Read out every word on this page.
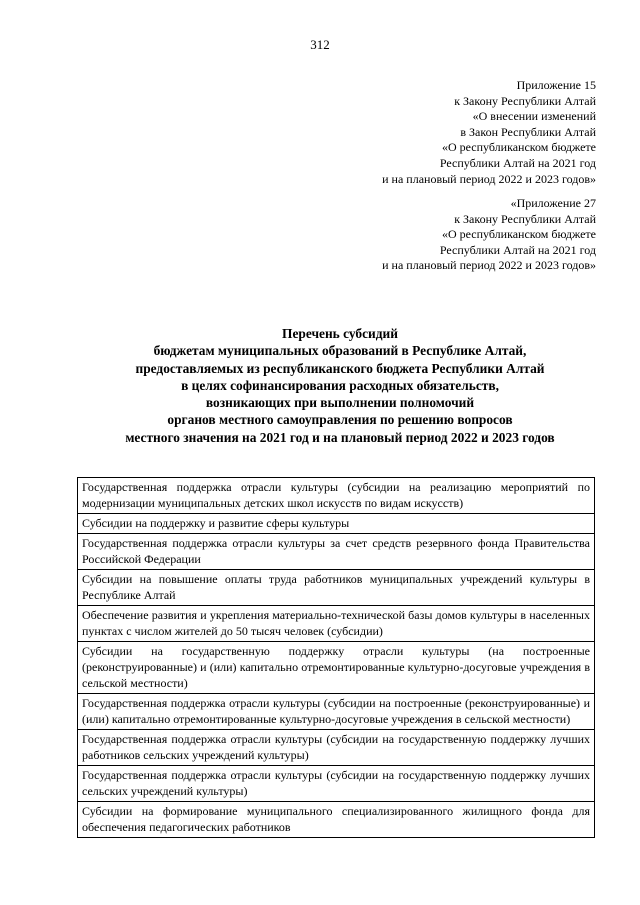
312
Приложение 15
к Закону Республики Алтай
«О внесении изменений
в Закон Республики Алтай
«О республиканском бюджете
Республики Алтай на 2021 год
и на плановый период 2022 и 2023 годов»
«Приложение 27
к Закону Республики Алтай
«О республиканском бюджете
Республики Алтай на 2021 год
и на плановый период 2022 и 2023 годов»
Перечень субсидий
бюджетам муниципальных образований в Республике Алтай,
предоставляемых из республиканского бюджета Республики Алтай
в целях софинансирования расходных обязательств,
возникающих при выполнении полномочий
органов местного самоуправления по решению вопросов
местного значения на 2021 год и на плановый период 2022 и 2023 годов
Государственная поддержка отрасли культуры (субсидии на реализацию мероприятий по модернизации муниципальных детских школ искусств по видам искусств)
Субсидии на поддержку и развитие сферы культуры
Государственная поддержка отрасли культуры за счет средств резервного фонда Правительства Российской Федерации
Субсидии на повышение оплаты труда работников муниципальных учреждений культуры в Республике Алтай
Обеспечение развития и укрепления материально-технической базы домов культуры в населенных пунктах с числом жителей до 50 тысяч человек (субсидии)
Субсидии на государственную поддержку отрасли культуры (на построенные (реконструированные) и (или) капитально отремонтированные культурно-досуговые учреждения в сельской местности)
Государственная поддержка отрасли культуры (субсидии на построенные (реконструированные) и (или) капитально отремонтированные культурно-досуговые учреждения в сельской местности)
Государственная поддержка отрасли культуры (субсидии на государственную поддержку лучших работников сельских учреждений культуры)
Государственная поддержка отрасли культуры (субсидии на государственную поддержку лучших сельских учреждений культуры)
Субсидии на формирование муниципального специализированного жилищного фонда для обеспечения педагогических работников
